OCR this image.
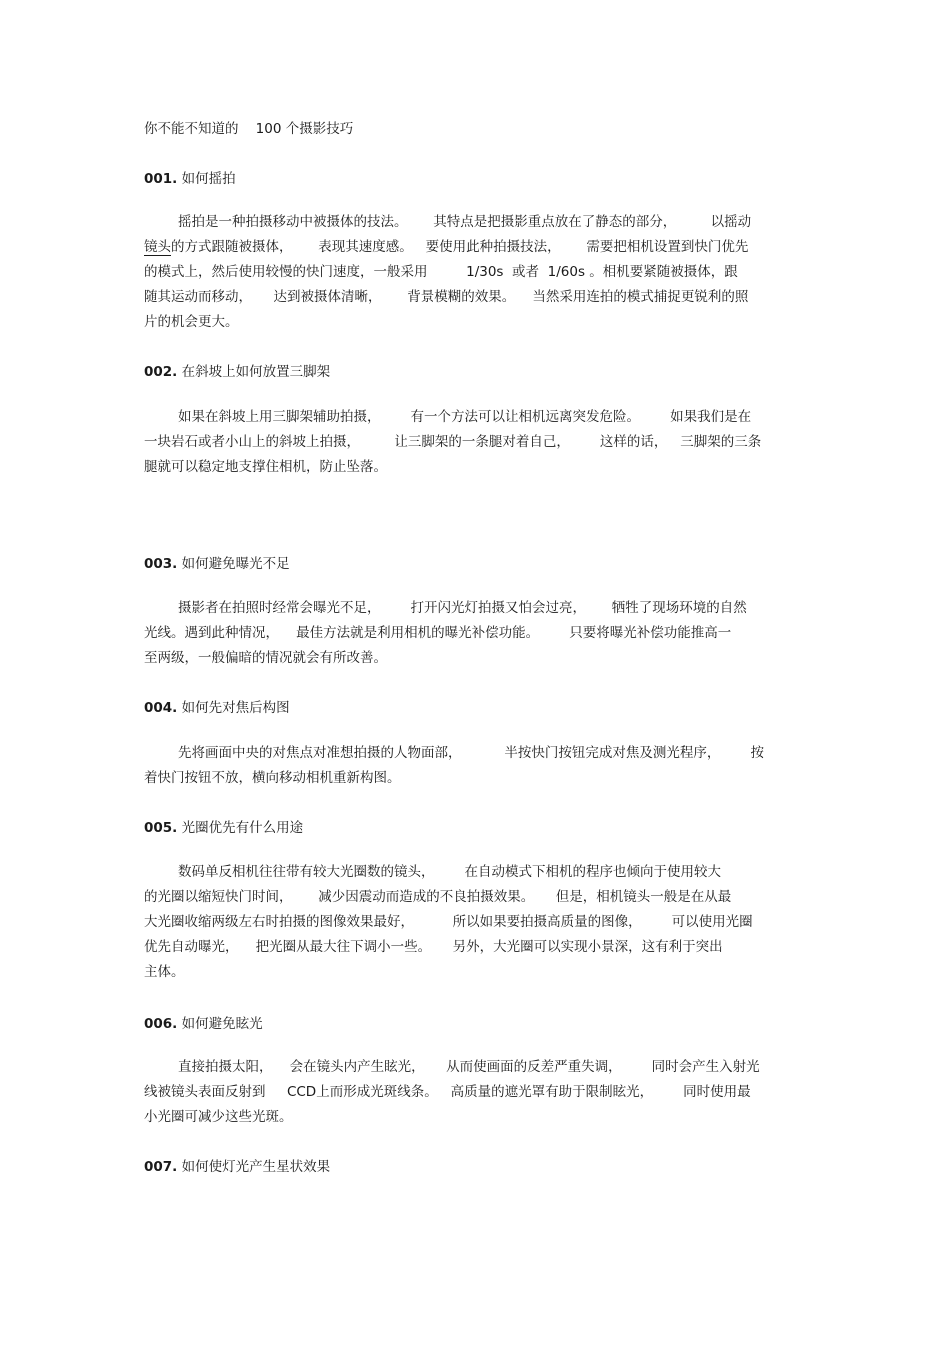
你不能不知道的    100 个摄影技巧
001. 如何摇拍
摇拍是一种拍摄移动中被摄体的技法。      其特点是把摄影重点放在了静态的部分，        以摇动
镜头的方式跟随被摄体，      表现其速度感。   要使用此种拍摄技法，      需要把相机设置到快门优先
的模式上，然后使用较慢的快门速度，一般采用         1/30s  或者  1/60s 。相机要紧随被摄体，跟
随其运动而移动，     达到被摄体清晰，      背景模糊的效果。    当然采用连拍的模式捕捉更锐利的照
片的机会更大。
002. 在斜坡上如何放置三脚架
如果在斜坡上用三脚架辅助拍摄，       有一个方法可以让相机远离突发危险。       如果我们是在
一块岩石或者小山上的斜坡上拍摄，        让三脚架的一条腿对着自己，       这样的话，   三脚架的三条
腿就可以稳定地支撑住相机，防止坠落。
003. 如何避免曝光不足
摄影者在拍照时经常会曝光不足，       打开闪光灯拍摄又怕会过亮，      牺牲了现场环境的自然
光线。遇到此种情况，    最佳方法就是利用相机的曝光补偿功能。       只要将曝光补偿功能推高一
至两级，一般偏暗的情况就会有所改善。
004. 如何先对焦后构图
先将画面中央的对焦点对准想拍摄的人物面部，          半按快门按钮完成对焦及测光程序，       按
着快门按钮不放，横向移动相机重新构图。
005. 光圈优先有什么用途
数码单反相机往往带有较大光圈数的镜头，       在自动模式下相机的程序也倾向于使用较大
的光圈以缩短快门时间，      减少因震动而造成的不良拍摄效果。     但是，相机镜头一般是在从最
大光圈收缩两级左右时拍摄的图像效果最好，         所以如果要拍摄高质量的图像，       可以使用光圈
优先自动曝光，    把光圈从最大往下调小一些。     另外，大光圈可以实现小景深，这有利于突出
主体。
006. 如何避免眩光
直接拍摄太阳，    会在镜头内产生眩光，     从而使画面的反差严重失调，       同时会产生入射光
线被镜头表面反射到     CCD上而形成光斑线条。   高质量的遮光罩有助于限制眩光，       同时使用最
小光圈可减少这些光斑。
007. 如何使灯光产生星状效果
